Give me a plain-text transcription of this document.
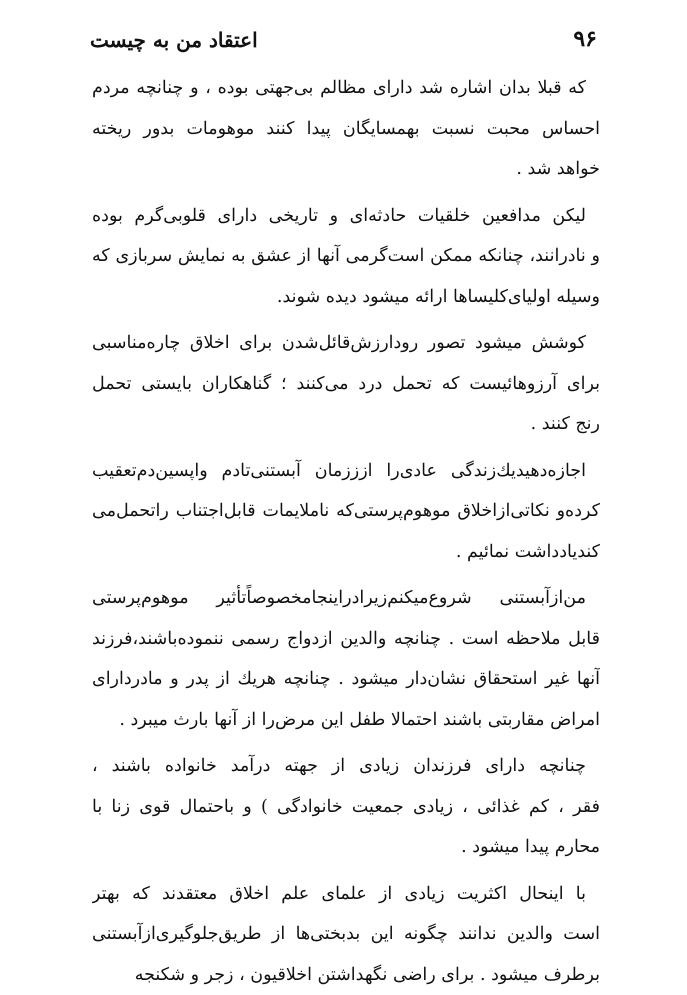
اعتقاد من به چیست	۹۶
که قبلا بدان اشاره شد دارای مظالم بی‌جهتی بوده ، و چنانچه مردم
احساس محبت نسبت بهمسایگان پیدا کنند موهومات بدور ریخته
خواهد شد .
لیکن مدافعین خلقیات حادثه‌ای و تاریخی دارای قلوبی‌گرم بوده
و نادرانند، چنانکه ممکن است‌گرمی آنها از عشق به نمایش سربازی که
وسیله اولیای‌کلیساها ارائه میشود دیده شوند.
کوشش میشود تصور رودارزش‌قائل‌شدن برای اخلاق چاره‌مناسبی
برای آرزوهائیست که تحمل درد می‌کنند ؛ گناهکاران بایستی تحمل
رنج کنند .
اجازه‌دهیدیك‌زندگی عادی‌را ازززمان آبستنی‌تادم واپسین‌دم‌تعقیب
کرده‌و نکاتی‌ازاخلاق موهوم‌پرستی‌که ناملایمات قابل‌اجتناب را‌تحمل‌می
کندیادداشت نمائیم .
من‌ازآبستنی شروع‌میکنم‌زیرادراینجامخصوصاً‌تأثیر موهوم‌پرستی
قابل ملاحظه است . چنانچه والدین ازدواج رسمی ننموده‌باشند،فرزند
آنها غیر استحقاق نشان‌دار میشود . چنانچه هریك از پدر و مادردارای
امراض مقاربتی باشند احتمالا طفل این مرض‌را از آنها بارث میبرد .
چنانچه دارای فرزندان زیادی از جهته درآمد خانواده باشند ،
فقر ، کم غذائی ، زیادی جمعیت خانوادگی ) و باحتمال قوی زنا با
محارم پیدا میشود .
با اینحال اکثریت زیادی از علمای علم اخلاق معتقدند که بهتر
است والدین ندانند چگونه این بدبختی‌ها از طریق‌جلوگیری‌ازآبستنی
برطرف میشود . برای راضی نگهداشتن اخلاقیون ، زجر و شکنجه
